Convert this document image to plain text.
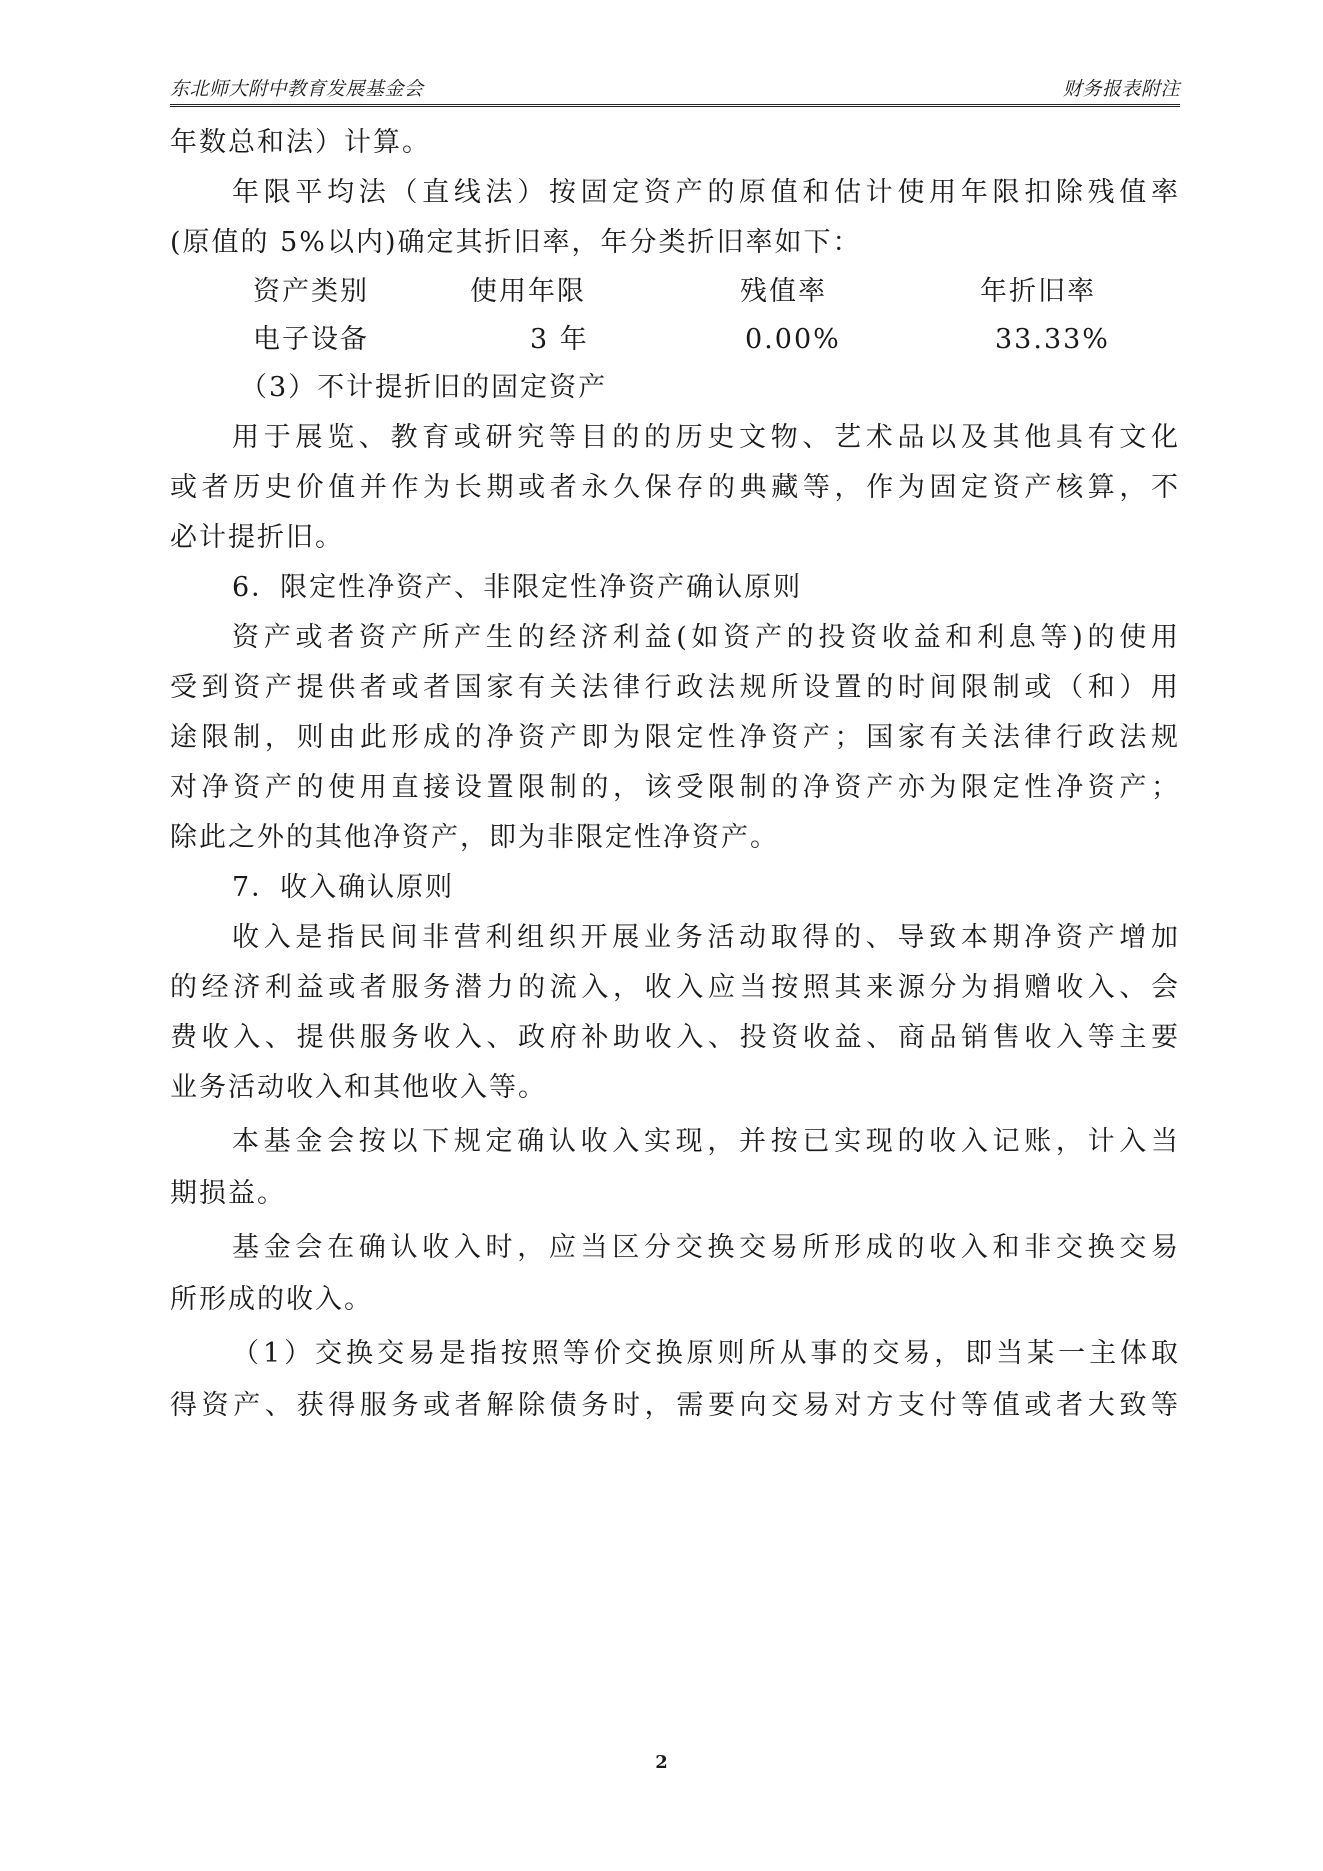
东北师大附中教育发展基金会	财务报表附注
年数总和法）计算。
年限平均法（直线法）按固定资产的原值和估计使用年限扣除残值率
(原值的 5%以内)确定其折旧率，年分类折旧率如下：
资产类别	使用年限	残值率	年折旧率
电子设备	3 年	0.00%	33.33%
（3）不计提折旧的固定资产
用于展览、教育或研究等目的的历史文物、艺术品以及其他具有文化
或者历史价值并作为长期或者永久保存的典藏等，作为固定资产核算，不
必计提折旧。
6．限定性净资产、非限定性净资产确认原则
资产或者资产所产生的经济利益(如资产的投资收益和利息等)的使用
受到资产提供者或者国家有关法律行政法规所设置的时间限制或（和）用
途限制，则由此形成的净资产即为限定性净资产；国家有关法律行政法规
对净资产的使用直接设置限制的，该受限制的净资产亦为限定性净资产；
除此之外的其他净资产，即为非限定性净资产。
7．收入确认原则
收入是指民间非营利组织开展业务活动取得的、导致本期净资产增加
的经济利益或者服务潜力的流入，收入应当按照其来源分为捐赠收入、会
费收入、提供服务收入、政府补助收入、投资收益、商品销售收入等主要
业务活动收入和其他收入等。
本基金会按以下规定确认收入实现，并按已实现的收入记账，计入当
期损益。
基金会在确认收入时，应当区分交换交易所形成的收入和非交换交易
所形成的收入。
（1）交换交易是指按照等价交换原则所从事的交易，即当某一主体取
得资产、获得服务或者解除债务时，需要向交易对方支付等值或者大致等
2
